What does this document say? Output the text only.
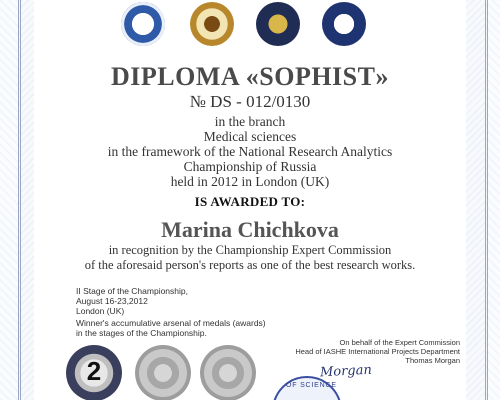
DIPLOMA «SOPHIST»
№ DS - 012/0130
in the branch
Medical sciences
in the framework of the National Research Analytics
Championship of Russia
held in 2012 in London (UK)
IS AWARDED TO:
Marina Chichkova
in recognition by the Championship Expert Commission
of the aforesaid person's reports as one of the best research works.
II Stage of the Championship,
August 16-23,2012
London (UK)
Winner's accumulative arsenal of medals (awards)
in the stages of the Championship.
On behalf of the Expert Commission
Head of IASHE International Projects Department
Thomas Morgan
2	OF SCIENCE
Morgan
